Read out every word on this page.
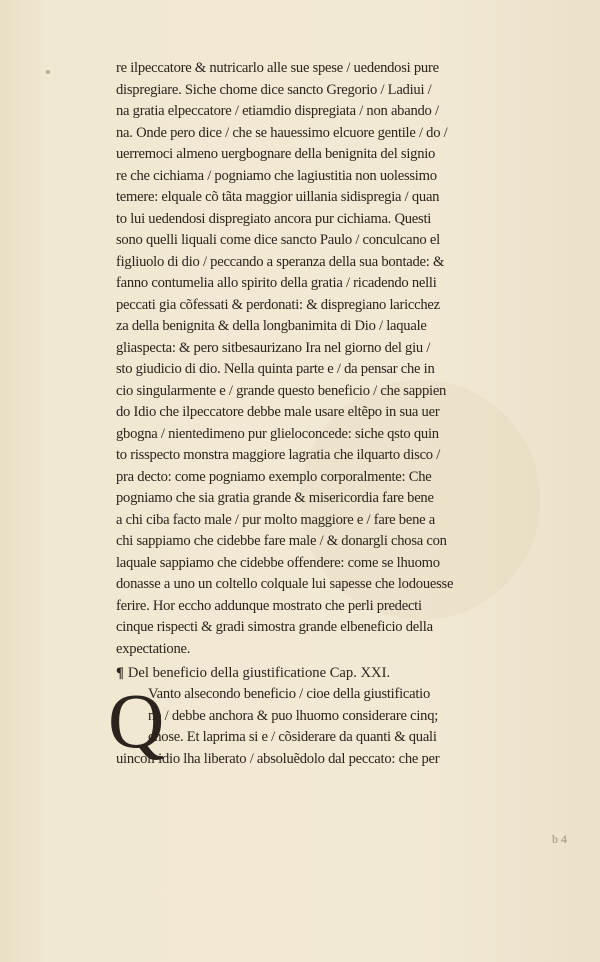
re ilpeccatore & nutricarlo alle sue spese / uedendosi pure
dispregiare. Siche chome dice sancto Gregorio / Ladiui /
na gratia elpeccatore / etiamdio dispregiata / non abando /
na. Onde pero dice / che se hauessimo elcuore gentile / do /
uerremoci almeno uergbognare della benignita del signio
re che cichiama / pogniamo che lagiustitia non uolessimo
temere: elquale cõ tãta maggior uillania sidispregia / quan
to lui uedendosi dispregiato ancora pur cichiama. Questi
sono quelli liquali come dice sancto Paulo / conculcano el
figliuolo di dio / peccando a speranza della sua bontade: &
fanno contumelia allo spirito della gratia / ricadendo nelli
peccati gia cõfessati & perdonati: & dispregiano laricchez
za della benignita & della longbanimita di Dio / laquale
gliaspecta: & pero sitbesaurizano Ira nel giorno del giu /
sto giudicio di dio. Nella quinta parte e / da pensar che in
cio singularmente e / grande questo beneficio / che sappien
do Idio che ilpeccatore debbe male usare eltẽpo in sua uer
gbogna / nientedimeno pur glieloconcede: siche qsto quin
to risspecto monstra maggiore lagratia che ilquarto disco /
pra decto: come pogniamo exemplo corporalmente: Che
pogniamo che sia gratia grande & misericordia fare bene
a chi ciba facto male / pur molto maggiore e / fare bene a
chi sappiamo che cidebbe fare male / & donargli chosa con
laquale sappiamo che cidebbe offendere: come se lhuomo
donasse a uno un coltello colquale lui sapesse che lodouesse
ferire. Hor eccho addunque mostrato che perli predecti
cinque rispecti & gradi simostra grande elbeneficio della
expectatione.
¶ Del beneficio della giustificatione Cap. XXI.
Q
Vanto alsecondo beneficio / cioe della giustificatio
ne / debbe anchora & puo lhuomo considerare cinq;
chose. Et laprima si e / cõsiderare da quanti & quali
uincoli idio lha liberato / absoluẽdolo dal peccato: che per
b 4
